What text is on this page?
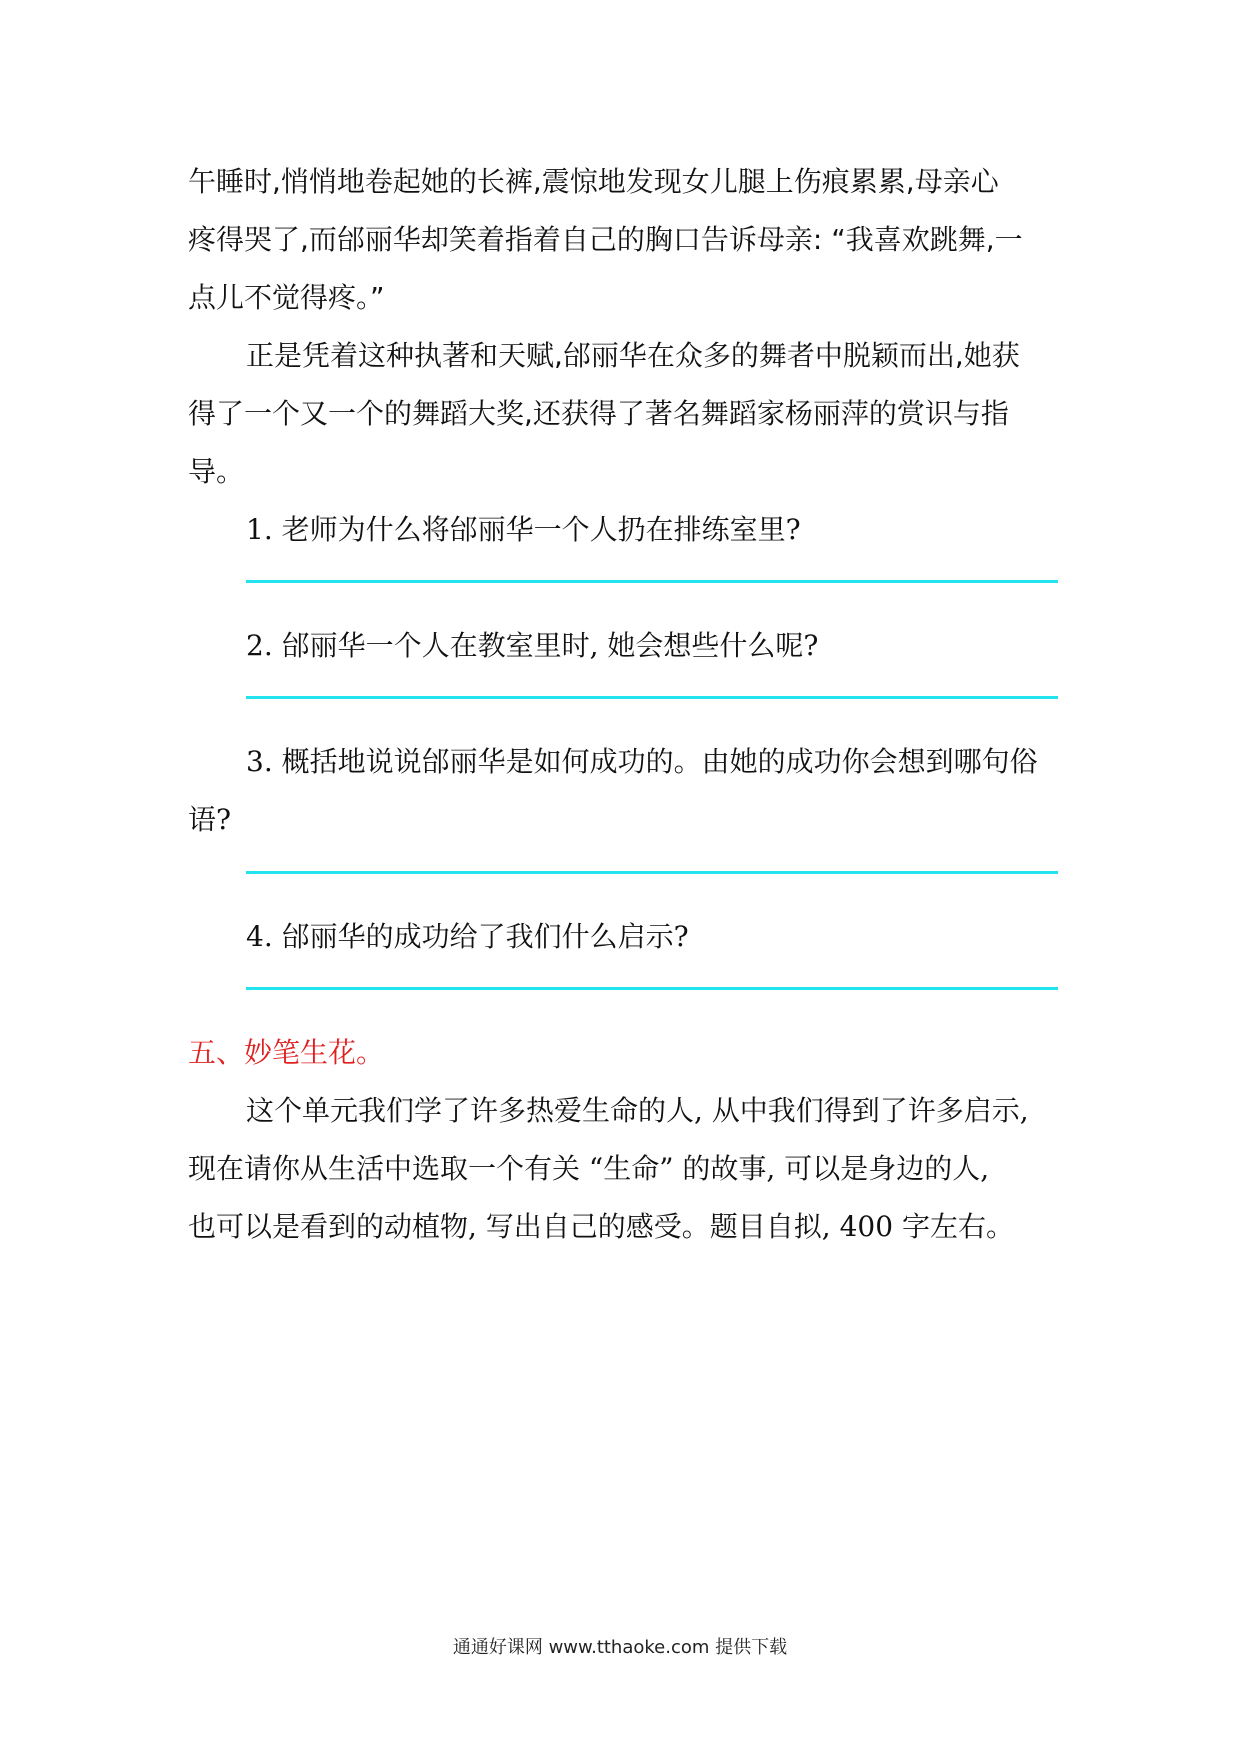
午睡时,悄悄地卷起她的长裤,震惊地发现女儿腿上伤痕累累,母亲心
疼得哭了,而邰丽华却笑着指着自己的胸口告诉母亲: “我喜欢跳舞,一
点儿不觉得疼。”
正是凭着这种执著和天赋,邰丽华在众多的舞者中脱颖而出,她获
得了一个又一个的舞蹈大奖,还获得了著名舞蹈家杨丽萍的赏识与指
导。
1. 老师为什么将邰丽华一个人扔在排练室里?
2. 邰丽华一个人在教室里时, 她会想些什么呢?
3. 概括地说说邰丽华是如何成功的。由她的成功你会想到哪句俗
语?
4. 邰丽华的成功给了我们什么启示?
五、妙笔生花。
这个单元我们学了许多热爱生命的人, 从中我们得到了许多启示,
现在请你从生活中选取一个有关 “生命” 的故事, 可以是身边的人,
也可以是看到的动植物, 写出自己的感受。题目自拟, 400 字左右。
通通好课网 www.tthaoke.com 提供下载
